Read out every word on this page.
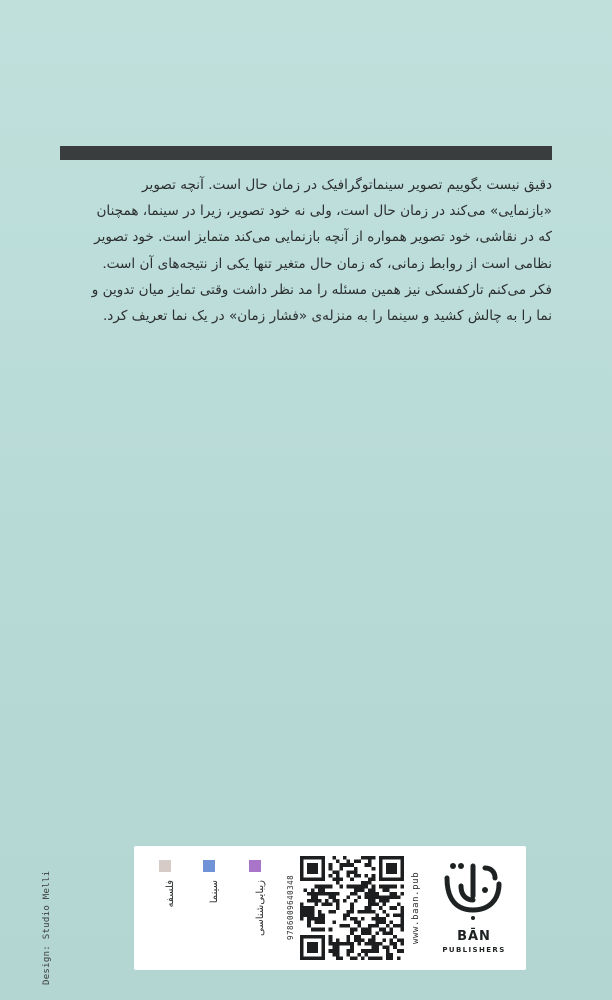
دقیق نیست بگوییم تصویر سینماتوگرافیک در زمان حال است. آنچه تصویر

«بازنمایی» می‌کند در زمان حال است، ولی نه خود تصویر، زیرا در سینما، همچنان

که در نقاشی، خود تصویر همواره از آنچه بازنمایی می‌کند متمایز است. خود تصویر

نظامی است از روابط زمانی، که زمان حال متغیر تنها یکی از نتیجه‌های آن است.

فکر می‌کنم تارکفسکی نیز همین مسئله را مد نظر داشت وقتی تمایز میان تدوین و

نما را به چالش کشید و سینما را به منزله‌ی «فشار زمان» در یک نما تعریف کرد.

Design: Studio Melli	فلسفه	سینما	زیبایی‌شناسی	9786009640348	www.baan.pub	BĀN
PUBLISHERS
